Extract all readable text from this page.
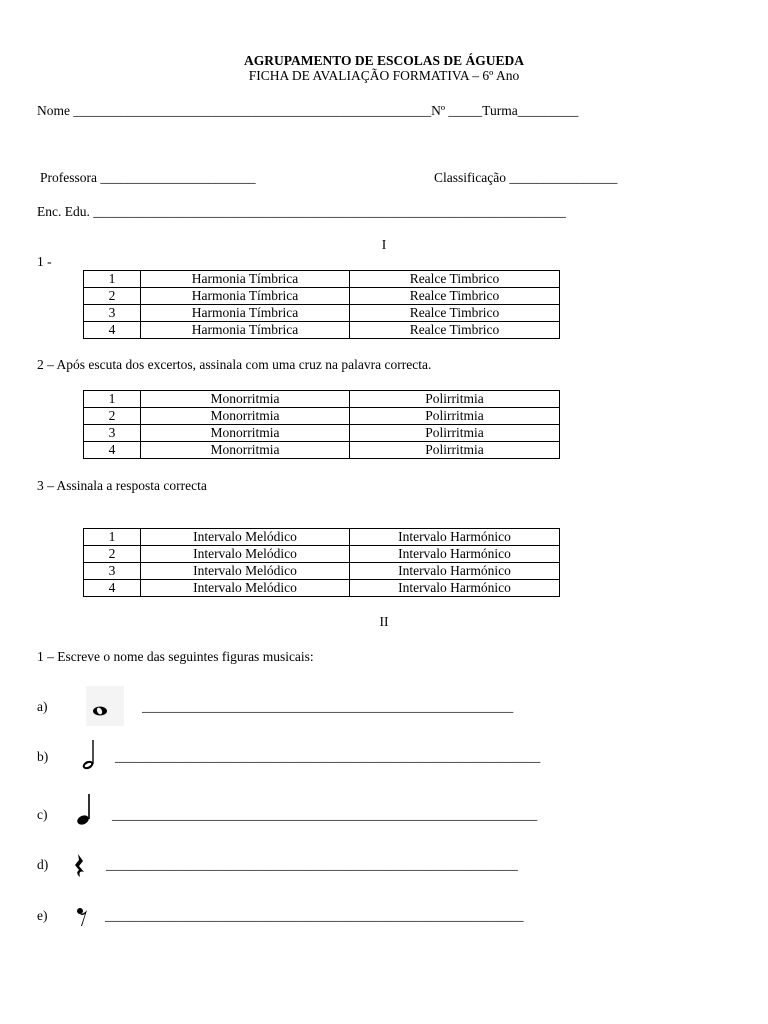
AGRUPAMENTO DE ESCOLAS DE ÁGUEDA
FICHA DE AVALIAÇÃO FORMATIVA – 6º Ano
Nome _____________________________________________________Nº _____Turma_________
Professora _______________________	Classificação ________________
Enc. Edu. ______________________________________________________________________
I
1 -
1	Harmonia Tímbrica	Realce Timbrico
2	Harmonia Tímbrica	Realce Timbrico
3	Harmonia Tímbrica	Realce Timbrico
4	Harmonia Tímbrica	Realce Timbrico
2 – Após escuta dos excertos, assinala com uma cruz na palavra correcta.
1	Monorritmia	Polirritmia
2	Monorritmia	Polirritmia
3	Monorritmia	Polirritmia
4	Monorritmia	Polirritmia
3 – Assinala a resposta correcta
1	Intervalo Melódico	Intervalo Harmónico
2	Intervalo Melódico	Intervalo Harmónico
3	Intervalo Melódico	Intervalo Harmónico
4	Intervalo Melódico	Intervalo Harmónico
II
1 – Escreve o nome das seguintes figuras musicais:
a)	_______________________________________________________
b)	_______________________________________________________________
c)	_______________________________________________________________
d)	_____________________________________________________________
e)	______________________________________________________________
